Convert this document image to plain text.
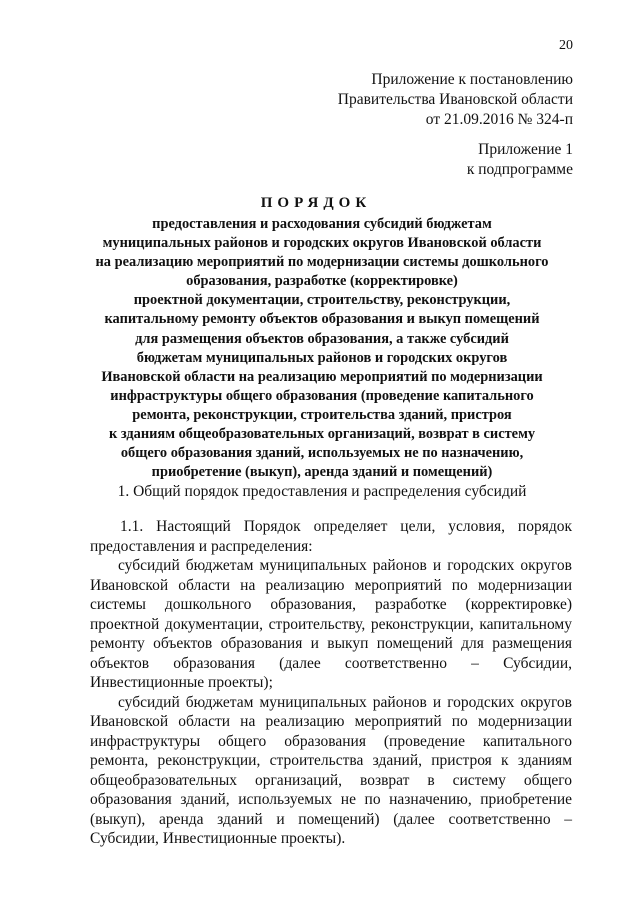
20
Приложение к постановлению
Правительства Ивановской области
от 21.09.2016 № 324-п
Приложение 1
к подпрограмме
ПОРЯДОК
предоставления и расходования субсидий бюджетам
муниципальных районов и городских округов Ивановской области
на реализацию мероприятий по модернизации системы дошкольного
образования, разработке (корректировке)
проектной документации, строительству, реконструкции,
капитальному ремонту объектов образования и выкуп помещений
для размещения объектов образования, а также субсидий
бюджетам муниципальных районов и городских округов
Ивановской области на реализацию мероприятий по модернизации
инфраструктуры общего образования (проведение капитального
ремонта, реконструкции, строительства зданий, пристроя
к зданиям общеобразовательных организаций, возврат в систему
общего образования зданий, используемых не по назначению,
приобретение (выкуп), аренда зданий и помещений)
1. Общий порядок предоставления и распределения субсидий

1.1. Настоящий Порядок определяет цели, условия, порядок предоставления и распределения:

субсидий бюджетам муниципальных районов и городских округов Ивановской области на реализацию мероприятий по модернизации системы дошкольного образования, разработке (корректировке) проектной документации, строительству, реконструкции, капитальному ремонту объектов образования и выкуп помещений для размещения объектов образования (далее соответственно – Субсидии, Инвестиционные проекты);

субсидий бюджетам муниципальных районов и городских округов Ивановской области на реализацию мероприятий по модернизации инфраструктуры общего образования (проведение капитального ремонта, реконструкции, строительства зданий, пристроя к зданиям общеобразовательных организаций, возврат в систему общего образования зданий, используемых не по назначению, приобретение (выкуп), аренда зданий и помещений) (далее соответственно – Субсидии, Инвестиционные проекты).
